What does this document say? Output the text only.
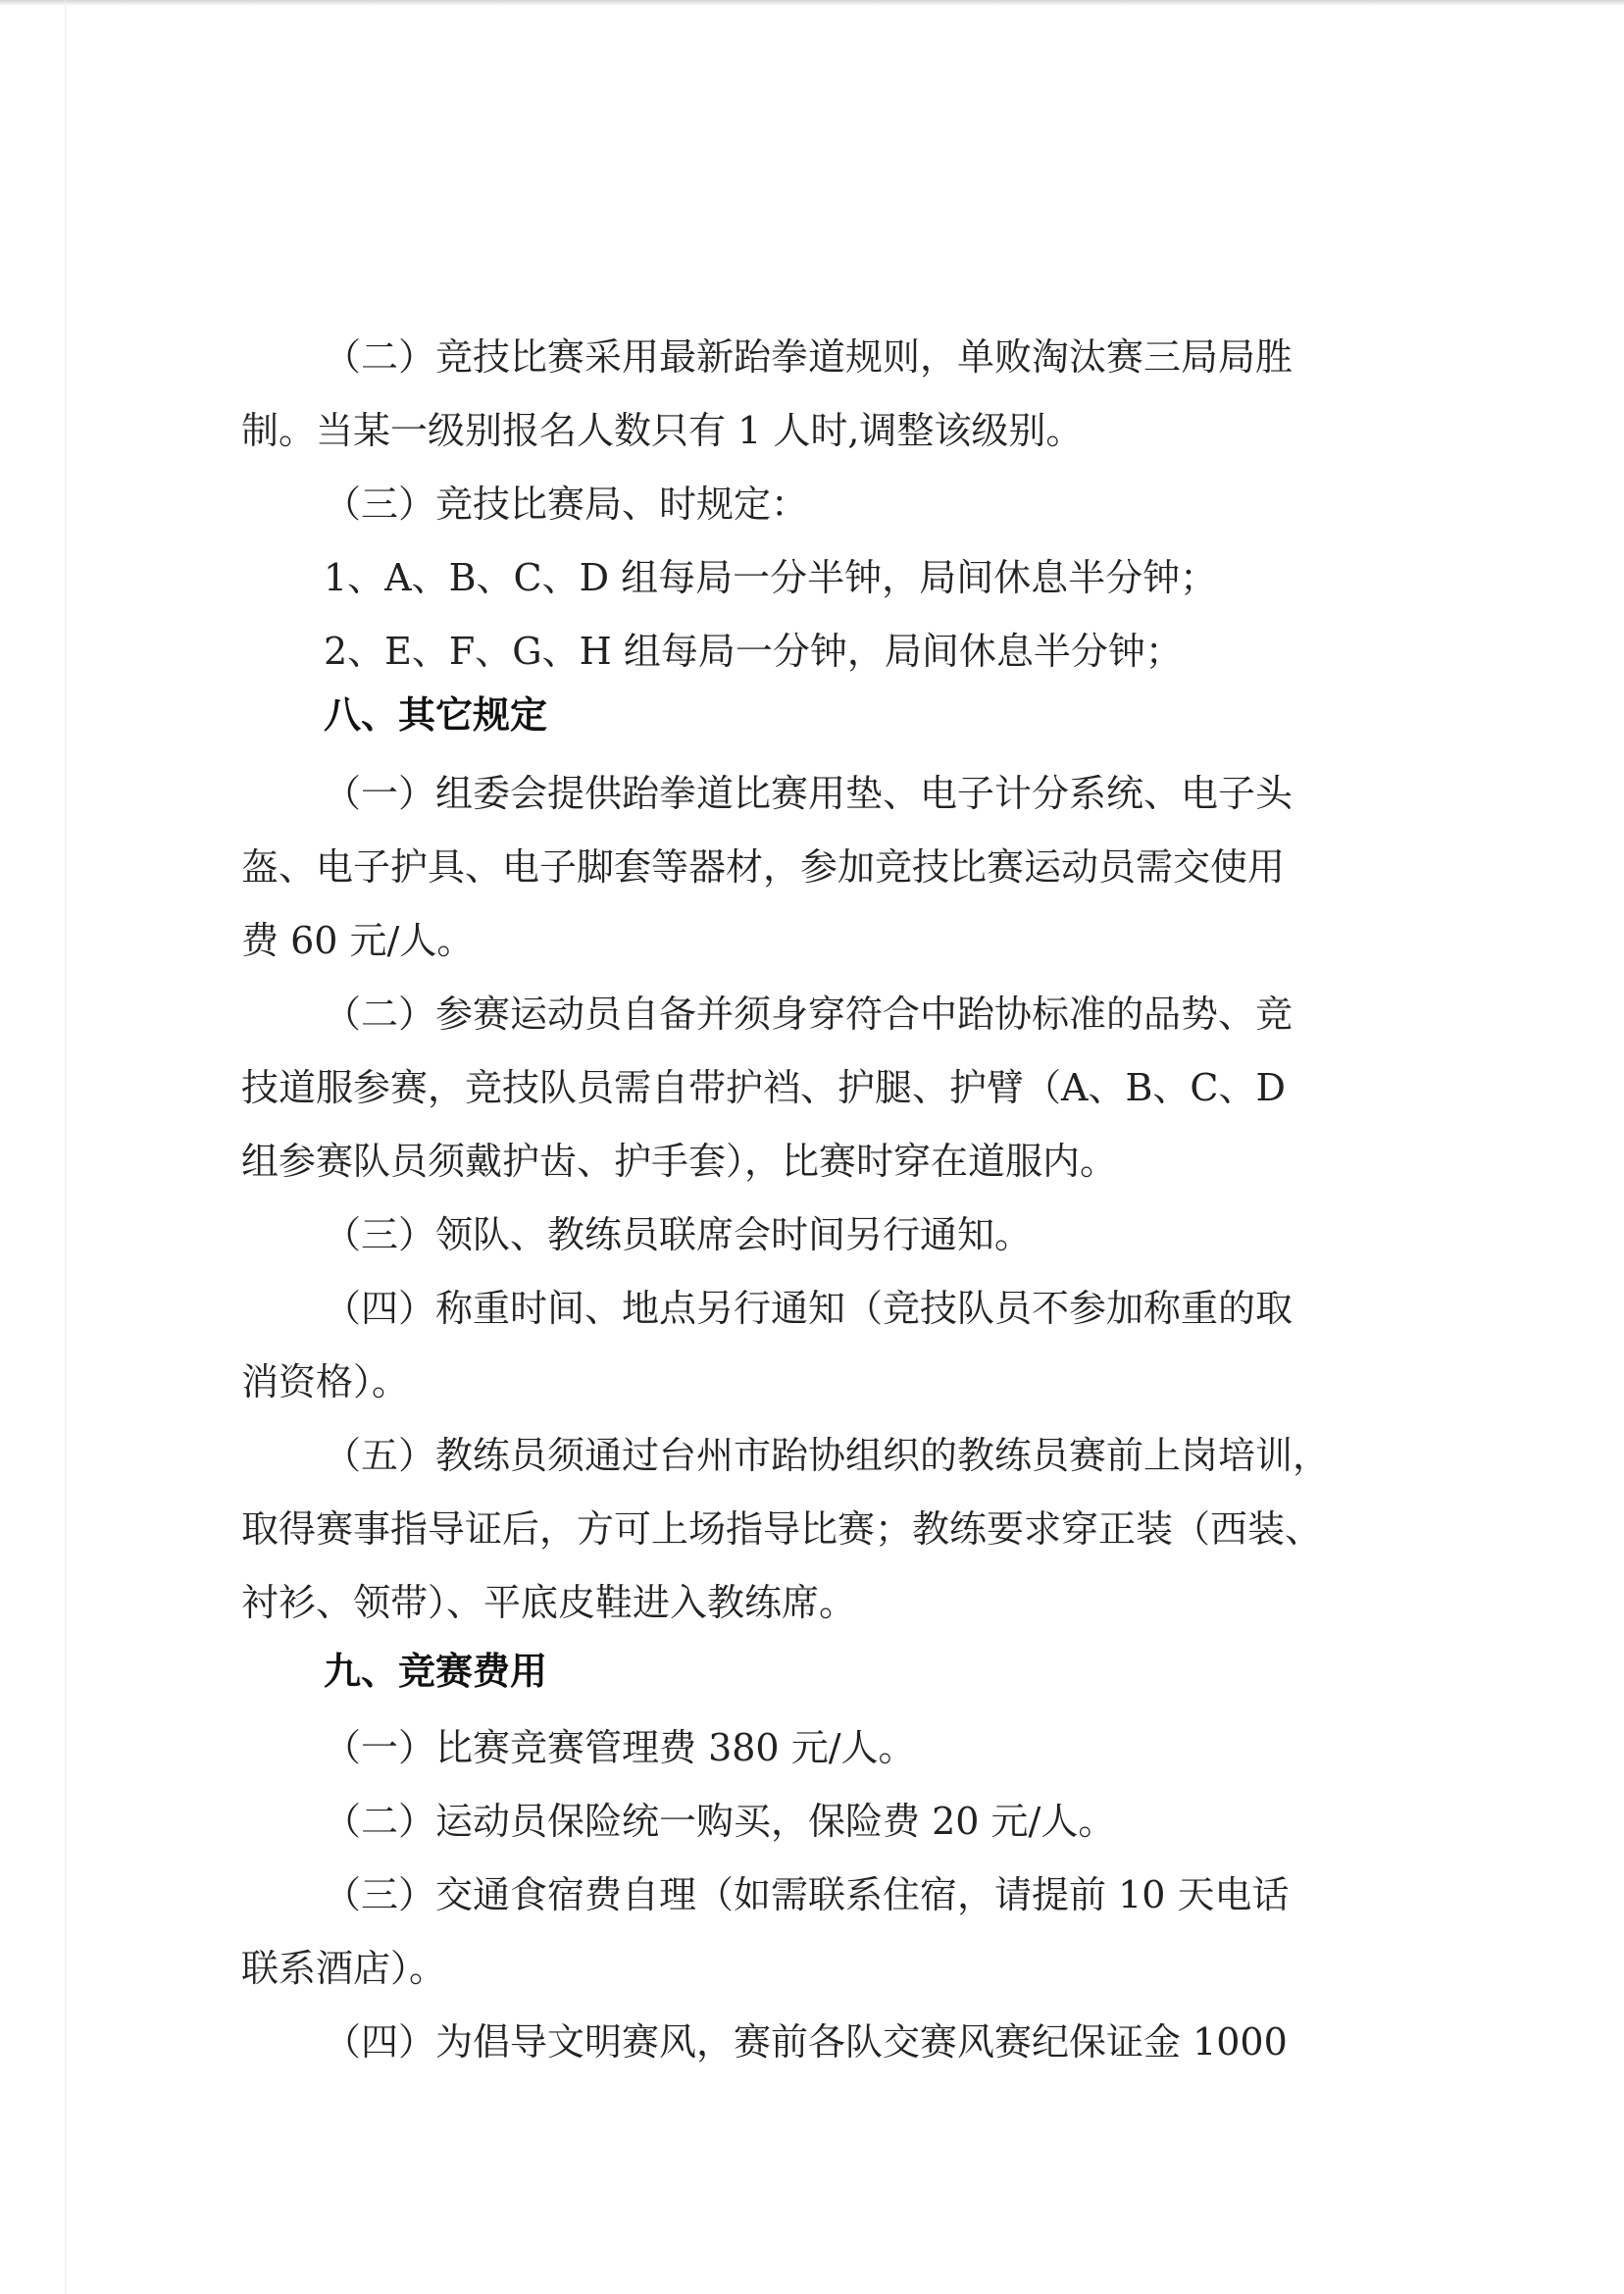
（二）竞技比赛采用最新跆拳道规则，单败淘汰赛三局局胜

制。当某一级别报名人数只有 1 人时,调整该级别。

（三）竞技比赛局、时规定：

1、A、B、C、D 组每局一分半钟，局间休息半分钟；

2、E、F、G、H 组每局一分钟，局间休息半分钟；

八、其它规定

（一）组委会提供跆拳道比赛用垫、电子计分系统、电子头

盔、电子护具、电子脚套等器材，参加竞技比赛运动员需交使用

费 60 元/人。

（二）参赛运动员自备并须身穿符合中跆协标准的品势、竞

技道服参赛，竞技队员需自带护裆、护腿、护臂（A、B、C、D

组参赛队员须戴护齿、护手套），比赛时穿在道服内。

（三）领队、教练员联席会时间另行通知。

（四）称重时间、地点另行通知（竞技队员不参加称重的取

消资格）。

（五）教练员须通过台州市跆协组织的教练员赛前上岗培训，

取得赛事指导证后，方可上场指导比赛；教练要求穿正装（西装、

衬衫、领带）、平底皮鞋进入教练席。

九、竞赛费用

（一）比赛竞赛管理费 380 元/人。

（二）运动员保险统一购买，保险费 20 元/人。

（三）交通食宿费自理（如需联系住宿，请提前 10 天电话

联系酒店）。

（四）为倡导文明赛风，赛前各队交赛风赛纪保证金 1000
